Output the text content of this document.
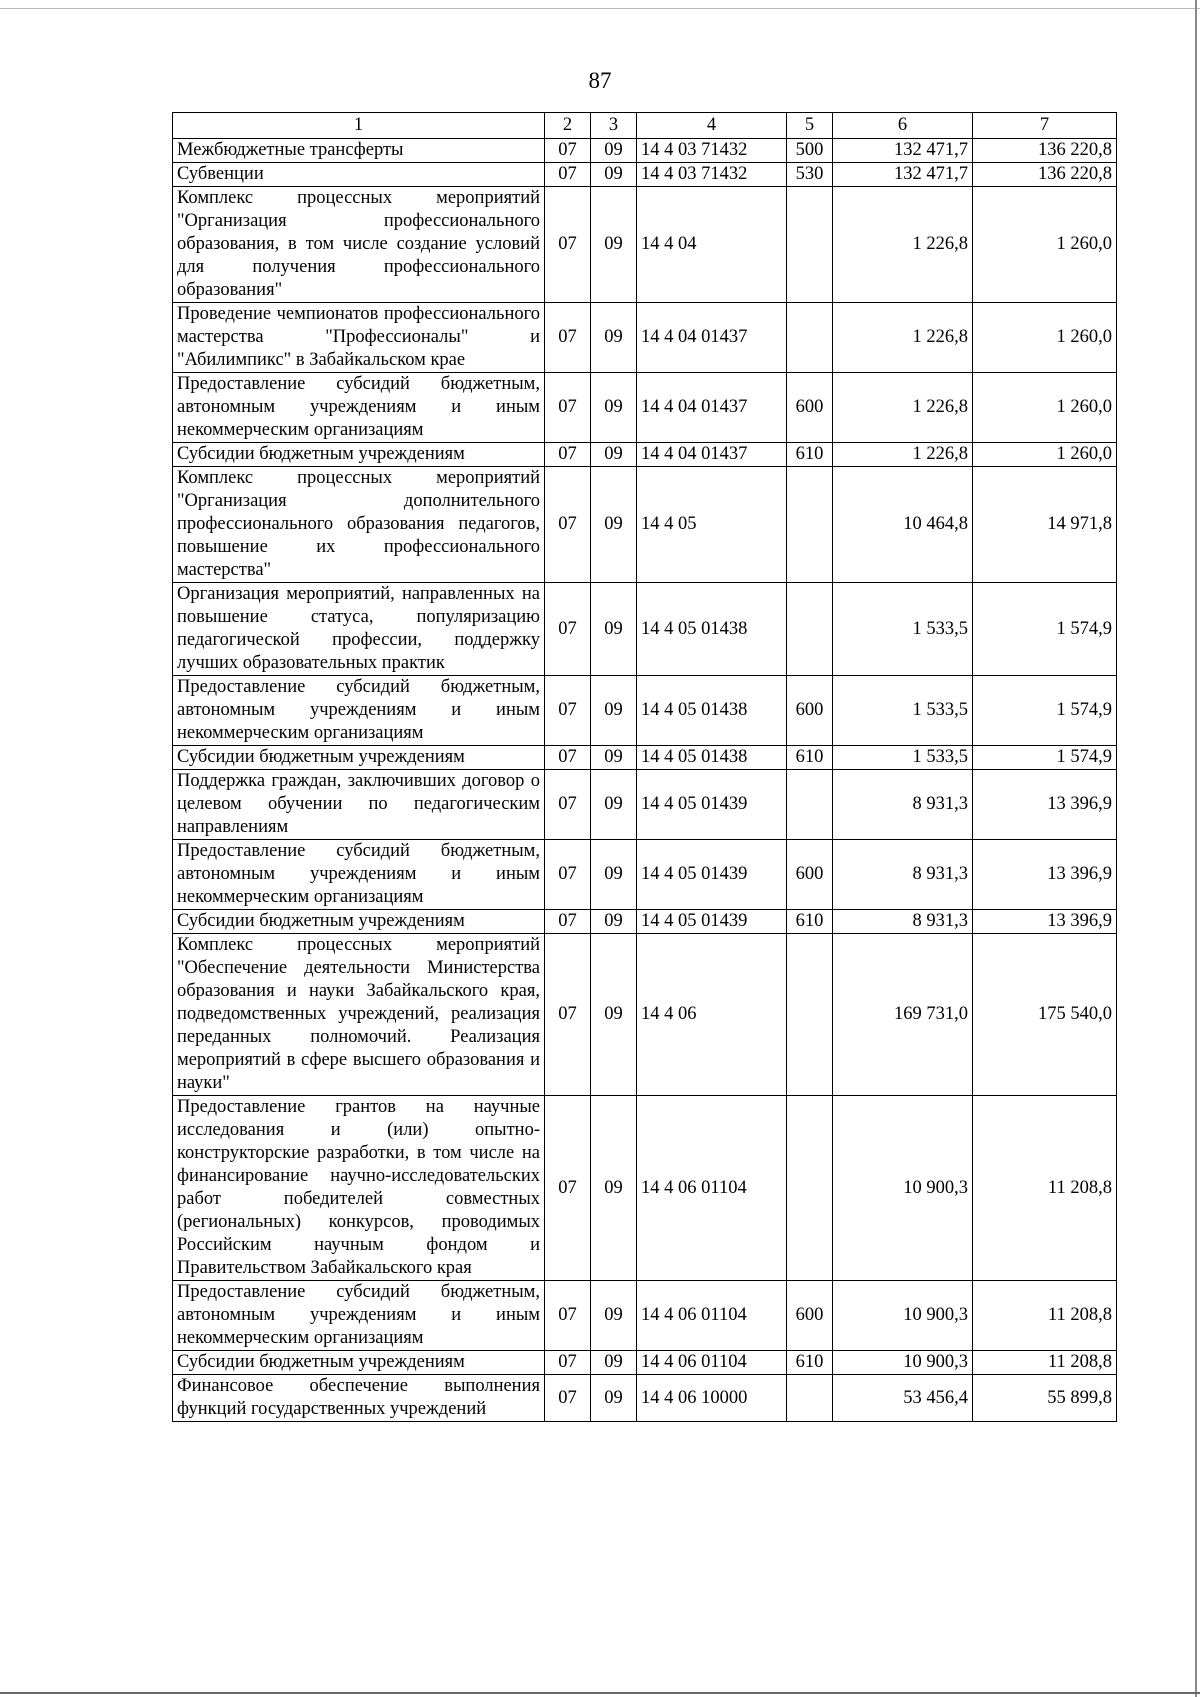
87
1	2	3	4	5	6	7
Межбюджетные трансферты	07	09	14 4 03 71432	500	132 471,7	136 220,8
Субвенции	07	09	14 4 03 71432	530	132 471,7	136 220,8
Комплекс процессных мероприятий "Организация профессионального образования, в том числе создание условий для получения профессионального образования"	07	09	14 4 04		1 226,8	1 260,0
Проведение чемпионатов профессионального мастерства "Профессионалы" и "Абилимпикс" в Забайкальском крае	07	09	14 4 04 01437		1 226,8	1 260,0
Предоставление субсидий бюджетным, автономным учреждениям и иным некоммерческим организациям	07	09	14 4 04 01437	600	1 226,8	1 260,0
Субсидии бюджетным учреждениям	07	09	14 4 04 01437	610	1 226,8	1 260,0
Комплекс процессных мероприятий "Организация дополнительного профессионального образования педагогов, повышение их профессионального мастерства"	07	09	14 4 05		10 464,8	14 971,8
Организация мероприятий, направленных на повышение статуса, популяризацию педагогической профессии, поддержку лучших образовательных практик	07	09	14 4 05 01438		1 533,5	1 574,9
Предоставление субсидий бюджетным, автономным учреждениям и иным некоммерческим организациям	07	09	14 4 05 01438	600	1 533,5	1 574,9
Субсидии бюджетным учреждениям	07	09	14 4 05 01438	610	1 533,5	1 574,9
Поддержка граждан, заключивших договор о целевом обучении по педагогическим направлениям	07	09	14 4 05 01439		8 931,3	13 396,9
Предоставление субсидий бюджетным, автономным учреждениям и иным некоммерческим организациям	07	09	14 4 05 01439	600	8 931,3	13 396,9
Субсидии бюджетным учреждениям	07	09	14 4 05 01439	610	8 931,3	13 396,9
Комплекс процессных мероприятий "Обеспечение деятельности Министерства образования и науки Забайкальского края, подведомственных учреждений, реализация переданных полномочий. Реализация мероприятий в сфере высшего образования и науки"	07	09	14 4 06		169 731,0	175 540,0
Предоставление грантов на научные исследования и (или) опытно-конструкторские разработки, в том числе на финансирование научно-исследовательских работ победителей совместных (региональных) конкурсов, проводимых Российским научным фондом и Правительством Забайкальского края	07	09	14 4 06 01104		10 900,3	11 208,8
Предоставление субсидий бюджетным, автономным учреждениям и иным некоммерческим организациям	07	09	14 4 06 01104	600	10 900,3	11 208,8
Субсидии бюджетным учреждениям	07	09	14 4 06 01104	610	10 900,3	11 208,8
Финансовое обеспечение выполнения функций государственных учреждений	07	09	14 4 06 10000		53 456,4	55 899,8
